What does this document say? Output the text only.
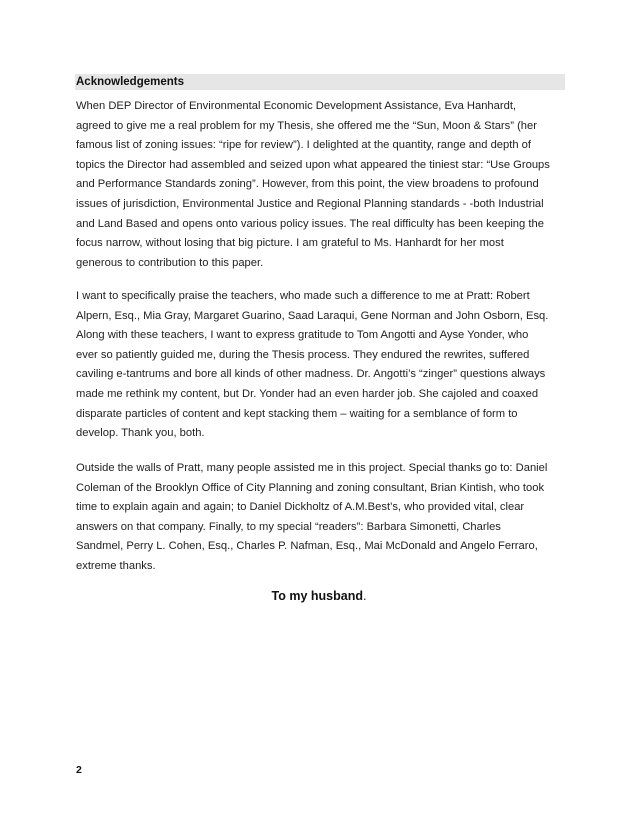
Acknowledgements
When DEP Director of Environmental Economic Development Assistance, Eva Hanhardt,
agreed to give me a real problem for my Thesis, she offered me the “Sun, Moon & Stars” (her
famous list of zoning issues: “ripe for review”). I delighted at the quantity, range and depth of
topics the Director had assembled and seized upon what appeared the tiniest star: “Use Groups
and Performance Standards zoning”. However, from this point, the view broadens to profound
issues of jurisdiction, Environmental Justice and Regional Planning standards - -both Industrial
and Land Based and opens onto various policy issues. The real difficulty has been keeping the
focus narrow, without losing that big picture. I am grateful to Ms. Hanhardt for her most
generous to contribution to this paper.
I want to specifically praise the teachers, who made such a difference to me at Pratt: Robert
Alpern, Esq., Mia Gray, Margaret Guarino, Saad Laraqui, Gene Norman and John Osborn, Esq.
Along with these teachers, I want to express gratitude to Tom Angotti and Ayse Yonder, who
ever so patiently guided me, during the Thesis process. They endured the rewrites, suffered
caviling e-tantrums and bore all kinds of other madness. Dr. Angotti’s “zinger” questions always
made me rethink my content, but Dr. Yonder had an even harder job. She cajoled and coaxed
disparate particles of content and kept stacking them – waiting for a semblance of form to
develop. Thank you, both.
Outside the walls of Pratt, many people assisted me in this project. Special thanks go to: Daniel
Coleman of the Brooklyn Office of City Planning and zoning consultant, Brian Kintish, who took
time to explain again and again; to Daniel Dickholtz of A.M.Best’s, who provided vital, clear
answers on that company. Finally, to my special “readers”: Barbara Simonetti, Charles
Sandmel, Perry L. Cohen, Esq., Charles P. Nafman, Esq., Mai McDonald and Angelo Ferraro,
extreme thanks.
To my husband.
2
